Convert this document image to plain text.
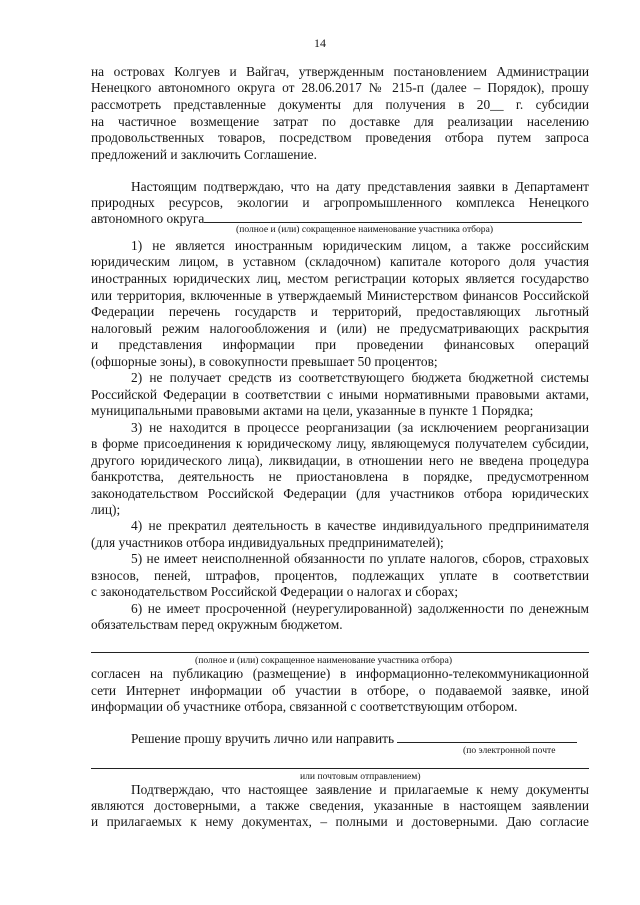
14
на островах Колгуев и Вайгач, утвержденным постановлением Администрации
Ненецкого автономного округа от 28.06.2017 № 215-п (далее – Порядок), прошу
рассмотреть представленные документы для получения в 20__ г. субсидии
на частичное возмещение затрат по доставке для реализации населению
продовольственных товаров, посредством проведения отбора путем запроса
предложений и заключить Соглашение.
Настоящим подтверждаю, что на дату представления заявки в Департамент
природных ресурсов, экологии и агропромышленного комплекса Ненецкого
автономного округа
(полное и (или) сокращенное наименование участника отбора)
1) не является иностранным юридическим лицом, а также российским
юридическим лицом, в уставном (складочном) капитале которого доля участия
иностранных юридических лиц, местом регистрации которых является государство
или территория, включенные в утверждаемый Министерством финансов Российской
Федерации перечень государств и территорий, предоставляющих льготный
налоговый режим налогообложения и (или) не предусматривающих раскрытия
и представления информации при проведении финансовых операций
(офшорные зоны), в совокупности превышает 50 процентов;
2) не получает средств из соответствующего бюджета бюджетной системы
Российской Федерации в соответствии с иными нормативными правовыми актами,
муниципальными правовыми актами на цели, указанные в пункте 1 Порядка;
3) не находится в процессе реорганизации (за исключением реорганизации
в форме присоединения к юридическому лицу, являющемуся получателем субсидии,
другого юридического лица), ликвидации, в отношении него не введена процедура
банкротства, деятельность не приостановлена в порядке, предусмотренном
законодательством Российской Федерации (для участников отбора юридических
лиц);
4) не прекратил деятельность в качестве индивидуального предпринимателя
(для участников отбора индивидуальных предпринимателей);
5) не имеет неисполненной обязанности по уплате налогов, сборов, страховых
взносов, пеней, штрафов, процентов, подлежащих уплате в соответствии
с законодательством Российской Федерации о налогах и сборах;
6) не имеет просроченной (неурегулированной) задолженности по денежным
обязательствам перед окружным бюджетом.
(полное и (или) сокращенное наименование участника отбора)
согласен на публикацию (размещение) в информационно-телекоммуникационной
сети Интернет информации об участии в отборе, о подаваемой заявке, иной
информации об участнике отбора, связанной с соответствующим отбором.
Решение прошу вручить лично или направить
(по электронной почте
или почтовым отправлением)
Подтверждаю, что настоящее заявление и прилагаемые к нему документы
являются достоверными, а также сведения, указанные в настоящем заявлении
и прилагаемых к нему документах, – полными и достоверными. Даю согласие
